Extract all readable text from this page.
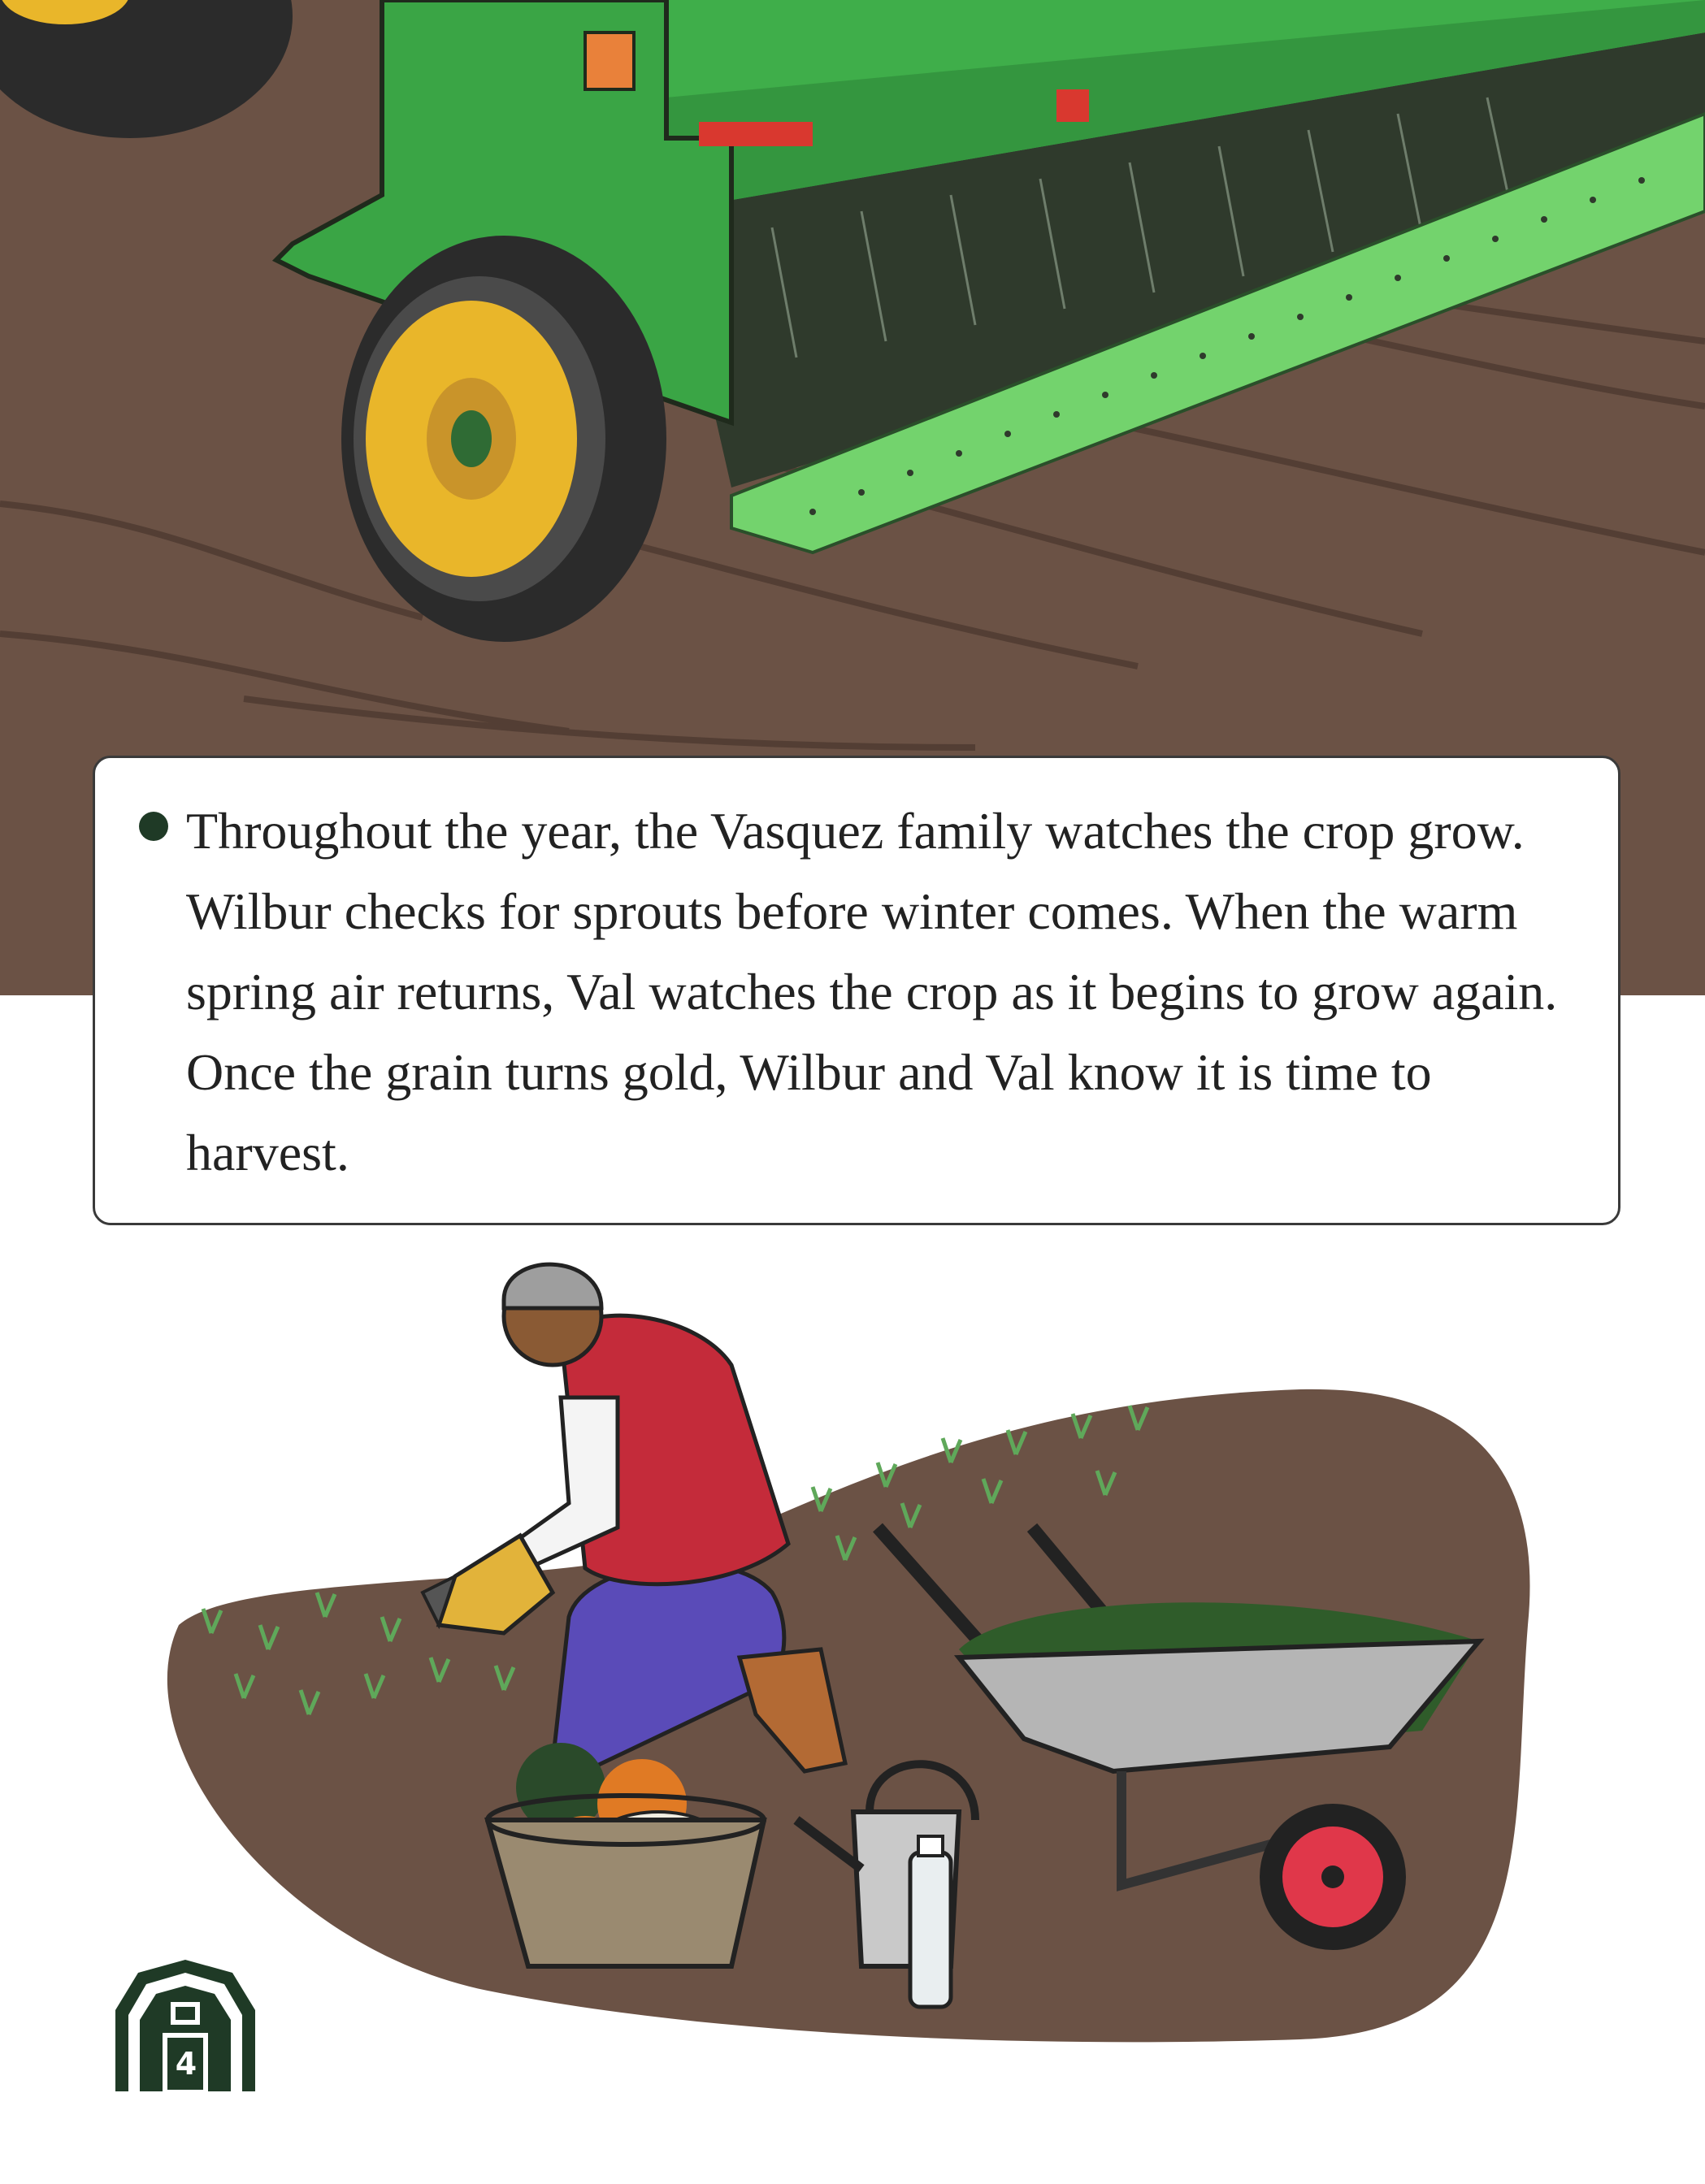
Throughout the year, the Vasquez family watches the crop grow. Wilbur checks for sprouts before winter comes. When the warm spring air returns, Val watches the crop as it begins to grow again. Once the grain turns gold, Wilbur and Val know it is time to harvest.

4
